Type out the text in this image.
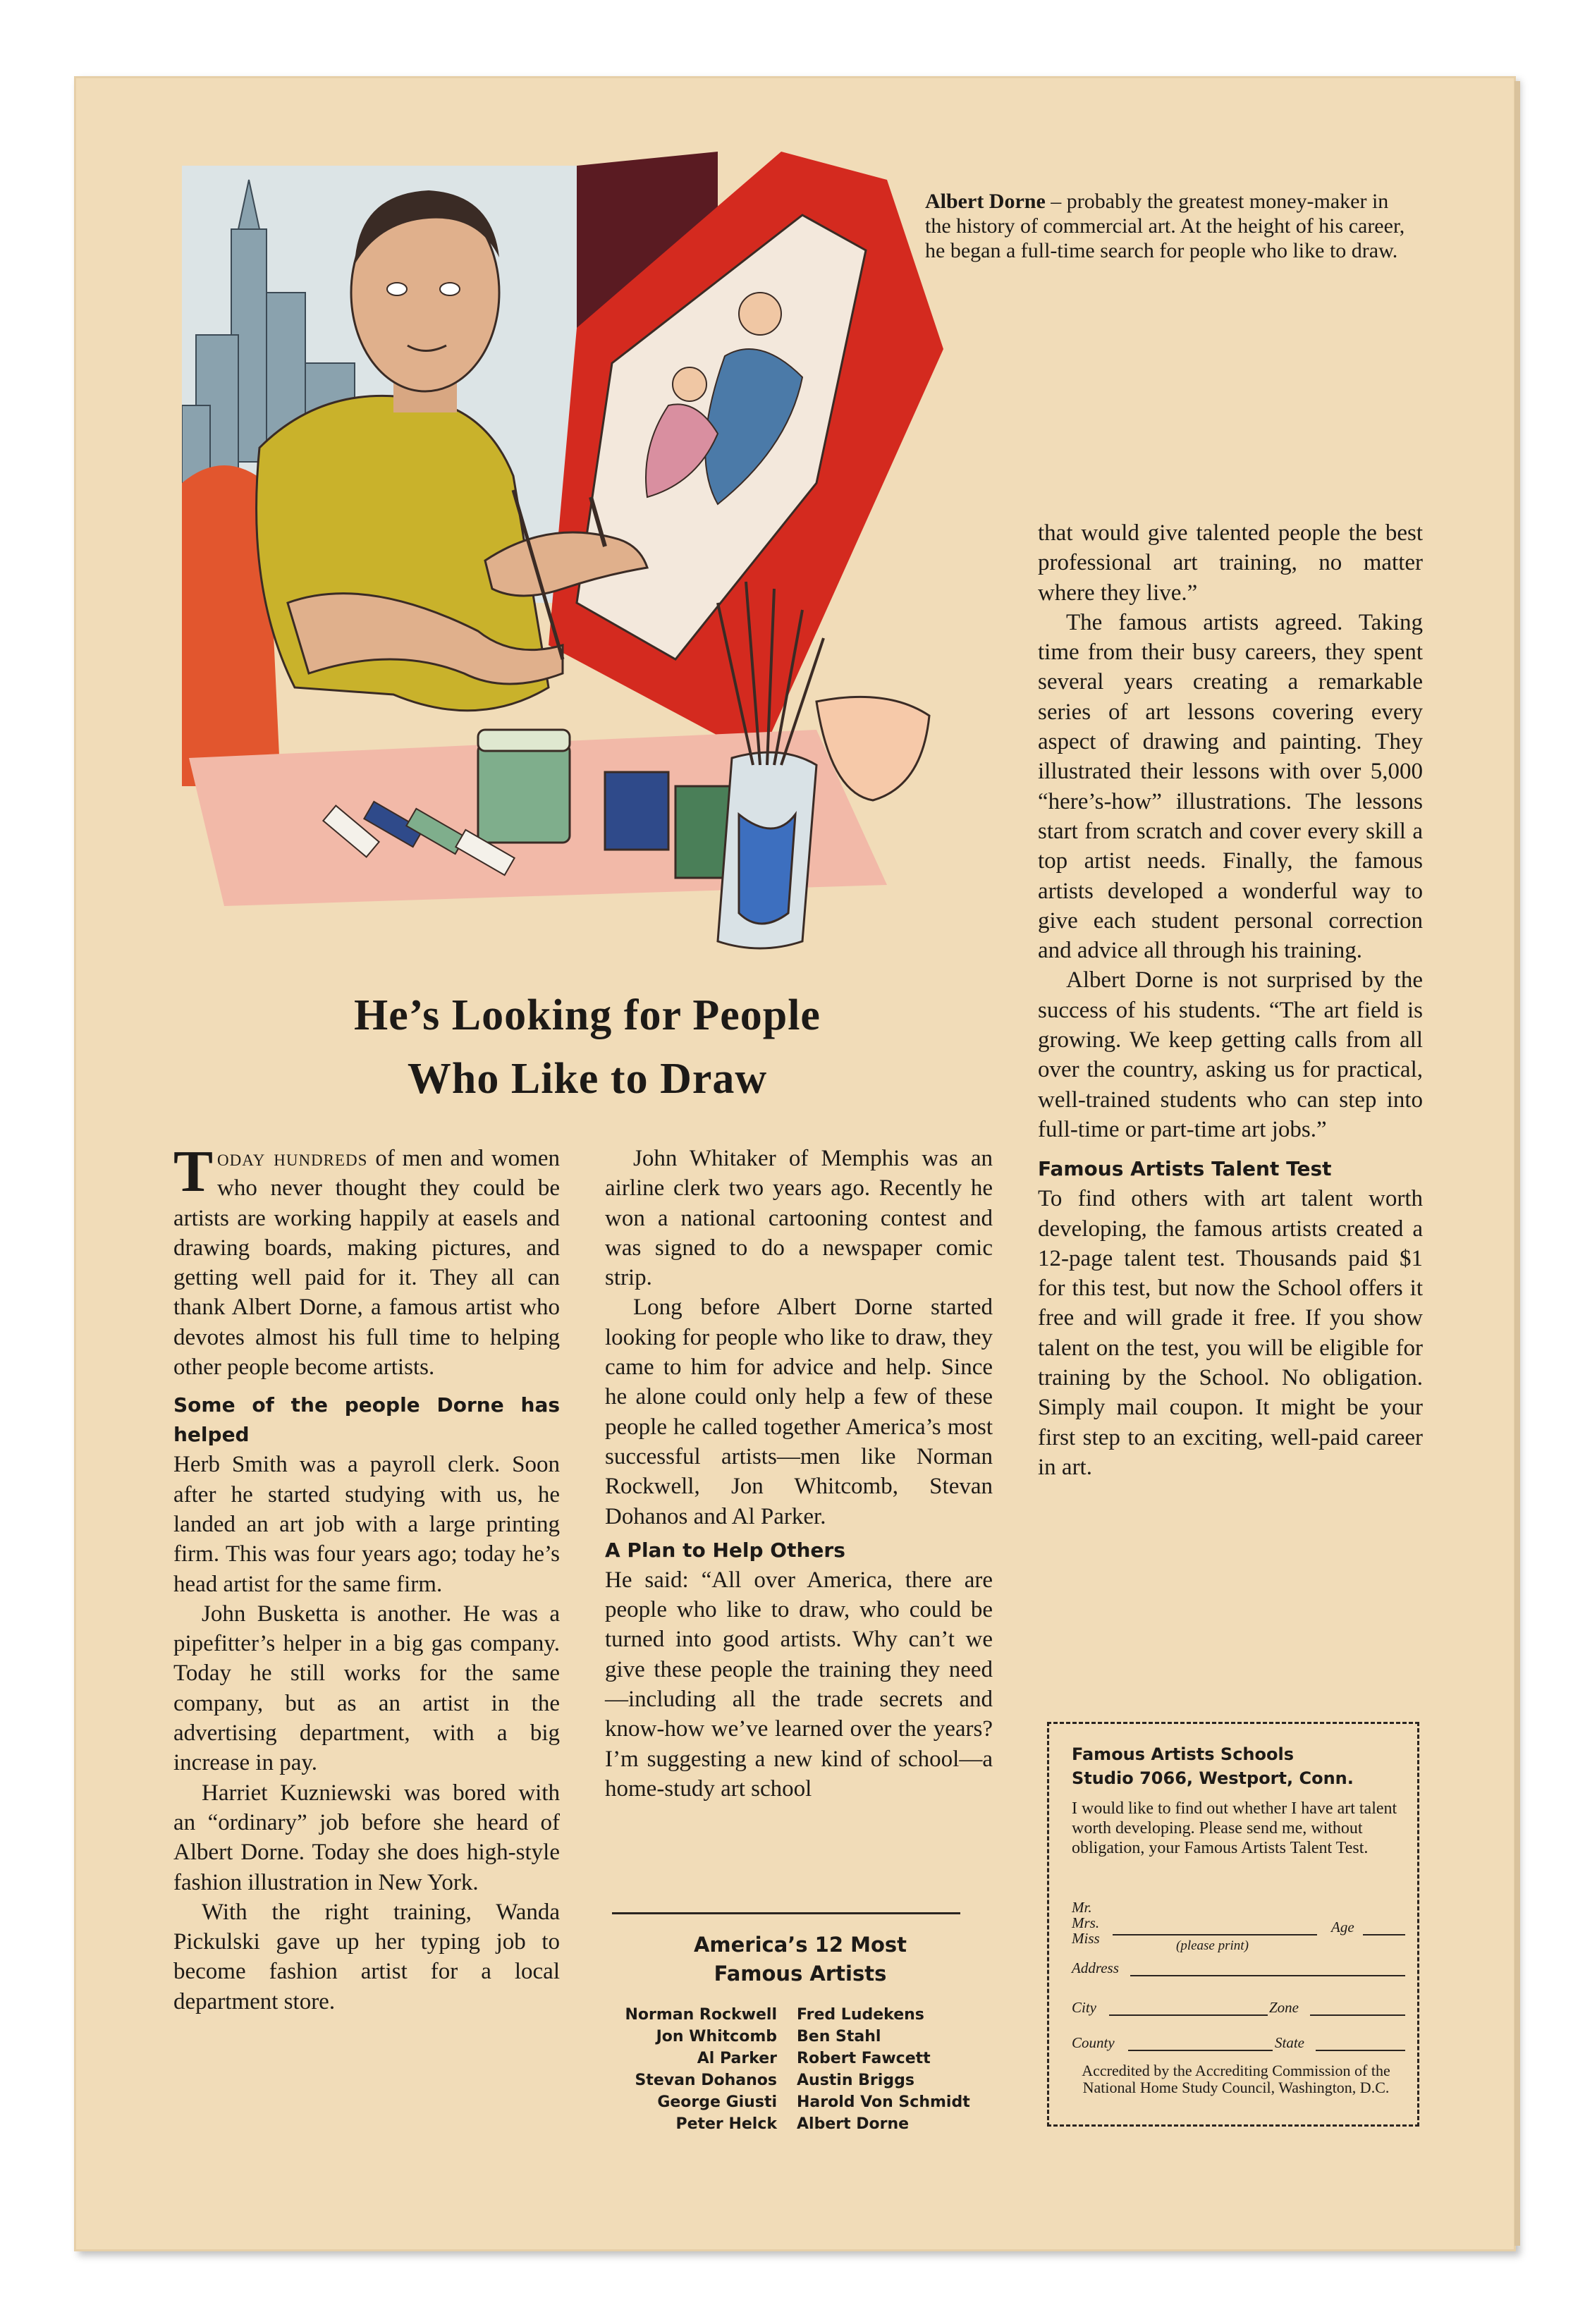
Albert Dorne – probably the greatest money-maker in the history of commercial art. At the height of his career, he began a full-time search for people who like to draw.
He’s Looking for People
Who Like to Draw

Today hundreds of men and women who never thought they could be artists are working happily at easels and drawing boards, making pictures, and getting well paid for it. They all can thank Albert Dorne, a famous artist who devotes almost his full time to helping other people become artists.

Some of the people Dorne has helped

Herb Smith was a payroll clerk. Soon after he started studying with us, he landed an art job with a large printing firm. This was four years ago; today he’s head artist for the same firm.

John Busketta is another. He was a pipefitter’s helper in a big gas company. Today he still works for the same company, but as an artist in the advertising department, with a big increase in pay.

Harriet Kuzniewski was bored with an “ordinary” job before she heard of Albert Dorne. Today she does high-style fashion illustration in New York.

With the right training, Wanda Pickulski gave up her typing job to become fashion artist for a local department store.

John Whitaker of Memphis was an airline clerk two years ago. Recently he won a national cartooning contest and was signed to do a newspaper comic strip.

Long before Albert Dorne started looking for people who like to draw, they came to him for advice and help. Since he alone could only help a few of these people he called together America’s most successful artists—men like Norman Rockwell, Jon Whitcomb, Stevan Dohanos and Al Parker.

A Plan to Help Others

He said: “All over America, there are people who like to draw, who could be turned into good artists. Why can’t we give these people the training they need—including all the trade secrets and know-how we’ve learned over the years? I’m suggesting a new kind of school—a home-study art school

that would give talented people the best professional art training, no matter where they live.”

The famous artists agreed. Taking time from their busy careers, they spent several years creating a remarkable series of art lessons covering every aspect of drawing and painting. They illustrated their lessons with over 5,000 “here’s-how” illustrations. The lessons start from scratch and cover every skill a top artist needs. Finally, the famous artists developed a wonderful way to give each student personal correction and advice all through his training.

Albert Dorne is not surprised by the success of his students. “The art field is growing. We keep getting calls from all over the country, asking us for practical, well-trained students who can step into full-time or part-time art jobs.”

Famous Artists Talent Test

To find others with art talent worth developing, the famous artists created a 12-page talent test. Thousands paid $1 for this test, but now the School offers it free and will grade it free. If you show talent on the test, you will be eligible for training by the School. No obligation. Simply mail coupon. It might be your first step to an exciting, well-paid career in art.

America’s 12 Most
Famous Artists
Norman Rockwell
Jon Whitcomb
Al Parker
Stevan Dohanos
George Giusti
Peter Helck
Fred Ludekens
Ben Stahl
Robert Fawcett
Austin Briggs
Harold Von Schmidt
Albert Dorne
Famous Artists Schools
Studio 7066, Westport, Conn.
I would like to find out whether I have art talent worth developing. Please send me, without obligation, your Famous Artists Talent Test.
Mr.
Mrs.
Miss
Age
(please print)
Address
City	Zone
County	State
Accredited by the Accrediting Commission of the National Home Study Council, Washington, D.C.
